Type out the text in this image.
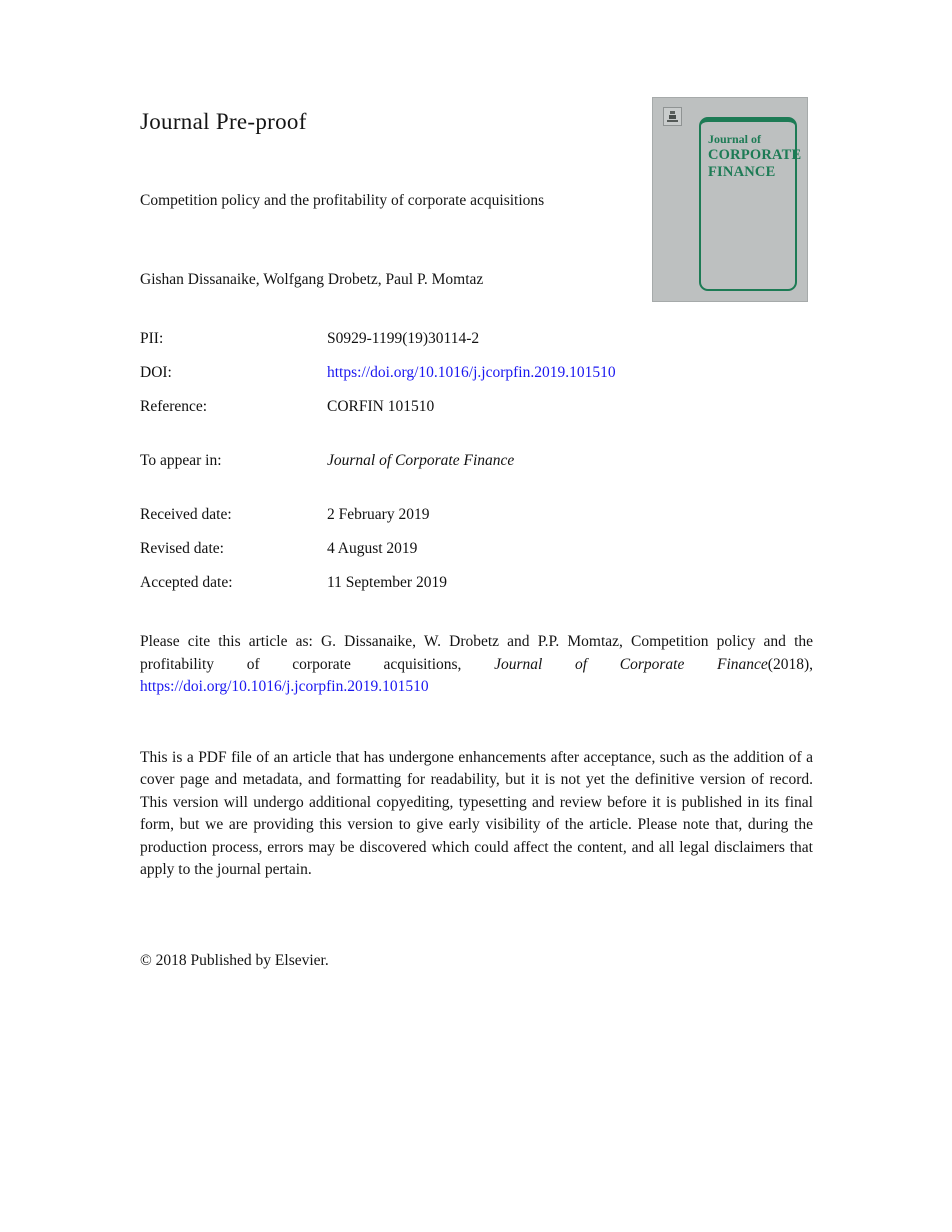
Journal Pre-proof
Journal of
CORPORATE
FINANCE
Competition policy and the profitability of corporate acquisitions
Gishan Dissanaike, Wolfgang Drobetz, Paul P. Momtaz
PII:	S0929-1199(19)30114-2
DOI:	https://doi.org/10.1016/j.jcorpfin.2019.101510
Reference:	CORFIN 101510
To appear in:	Journal of Corporate Finance
Received date:	2 February 2019
Revised date:	4 August 2019
Accepted date:	11 September 2019

Please cite this article as: G. Dissanaike, W. Drobetz and P.P. Momtaz, Competition policy and the profitability of corporate acquisitions, Journal of Corporate Finance(2018), https://doi.org/10.1016/j.jcorpfin.2019.101510

This is a PDF file of an article that has undergone enhancements after acceptance, such as the addition of a cover page and metadata, and formatting for readability, but it is not yet the definitive version of record. This version will undergo additional copyediting, typesetting and review before it is published in its final form, but we are providing this version to give early visibility of the article. Please note that, during the production process, errors may be discovered which could affect the content, and all legal disclaimers that apply to the journal pertain.

© 2018 Published by Elsevier.
